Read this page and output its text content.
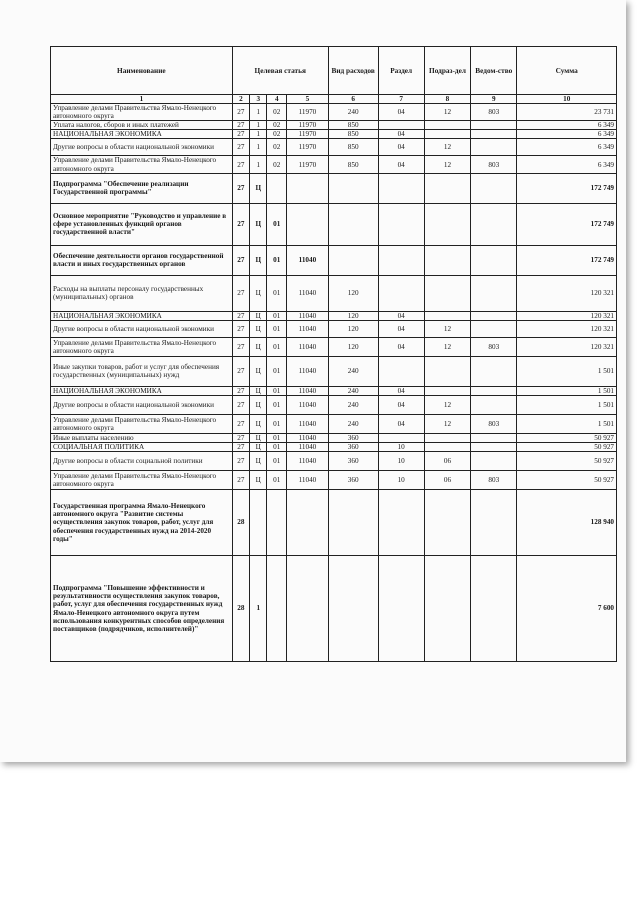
Наименование	Целевая статья				Вид расходов	Раздел	Подраз-дел	Ведом-ство	Сумма
1	2	3	4	5	6	7	8	9	10
Управление делами Правительства Ямало-Ненецкого автономного округа	27	1	02	11970	240	04	12	803	23 731
Уплата налогов, сборов и иных платежей	27	1	02	11970	850				6 349
НАЦИОНАЛЬНАЯ ЭКОНОМИКА	27	1	02	11970	850	04			6 349
Другие вопросы в области национальной экономики	27	1	02	11970	850	04	12		6 349
Управление делами Правительства Ямало-Ненецкого автономного округа	27	1	02	11970	850	04	12	803	6 349
Подпрограмма "Обеспечение реализации Государственной программы"	27	Ц							172 749
Основное мероприятие "Руководство и управление в сфере установленных функций органов государственной власти"	27	Ц	01						172 749
Обеспечение деятельности органов государственной власти и иных государственных органов	27	Ц	01	11040					172 749
Расходы на выплаты персоналу государственных (муниципальных) органов	27	Ц	01	11040	120				120 321
НАЦИОНАЛЬНАЯ ЭКОНОМИКА	27	Ц	01	11040	120	04			120 321
Другие вопросы в области национальной экономики	27	Ц	01	11040	120	04	12		120 321
Управление делами Правительства Ямало-Ненецкого автономного округа	27	Ц	01	11040	120	04	12	803	120 321
Иные закупки товаров, работ и услуг для обеспечения государственных (муниципальных) нужд	27	Ц	01	11040	240				1 501
НАЦИОНАЛЬНАЯ ЭКОНОМИКА	27	Ц	01	11040	240	04			1 501
Другие вопросы в области национальной экономики	27	Ц	01	11040	240	04	12		1 501
Управление делами Правительства Ямало-Ненецкого автономного округа	27	Ц	01	11040	240	04	12	803	1 501
Иные выплаты населению	27	Ц	01	11040	360				50 927
СОЦИАЛЬНАЯ ПОЛИТИКА	27	Ц	01	11040	360	10			50 927
Другие вопросы в области социальной политики	27	Ц	01	11040	360	10	06		50 927
Управление делами Правительства Ямало-Ненецкого автономного округа	27	Ц	01	11040	360	10	06	803	50 927
Государственная программа Ямало-Ненецкого автономного округа "Развитие системы осуществления закупок товаров, работ, услуг для обеспечения государственных нужд на 2014-2020 годы"	28								128 940
Подпрограмма "Повышение эффективности и результативности осуществления закупок товаров, работ, услуг для обеспечения государственных нужд Ямало-Ненецкого автономного округа путем использования конкурентных способов определения поставщиков (подрядчиков, исполнителей)"	28	1							7 600
